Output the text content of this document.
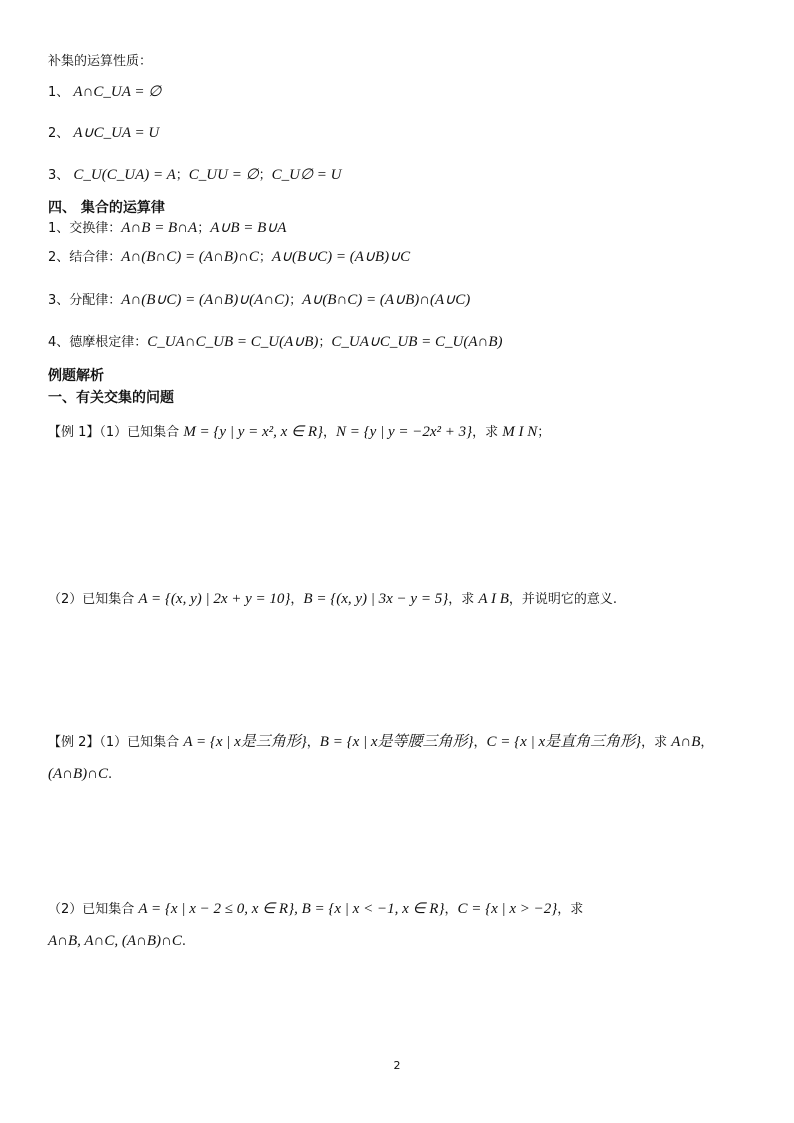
补集的运算性质：
1、 A∩C_UA = ∅
2、 A∪C_UA = U
3、 C_U(C_UA) = A；C_UU = ∅；C_U∅ = U
四、 集合的运算律
1、交换律：A∩B = B∩A；A∪B = B∪A
2、结合律：A∩(B∩C) = (A∩B)∩C；A∪(B∪C) = (A∪B)∪C
3、分配律：A∩(B∪C) = (A∩B)∪(A∩C)；A∪(B∩C) = (A∪B)∩(A∪C)
4、德摩根定律：C_UA∩C_UB = C_U(A∪B)；C_UA∪C_UB = C_U(A∩B)
例题解析
一、有关交集的问题
【例 1】（1）已知集合 M = {y | y = x², x ∈ R}，N = {y | y = −2x² + 3}，求 M I N；
（2）已知集合 A = {(x, y) | 2x + y = 10}，B = {(x, y) | 3x − y = 5}，求 A I B，并说明它的意义.
【例 2】（1）已知集合 A = {x | x是三角形}，B = {x | x是等腰三角形}，C = {x | x是直角三角形}，求 A∩B，
(A∩B)∩C.
（2）已知集合 A = {x | x − 2 ≤ 0, x ∈ R}, B = {x | x < −1, x ∈ R}，C = {x | x > −2}，求
A∩B, A∩C, (A∩B)∩C.
2
